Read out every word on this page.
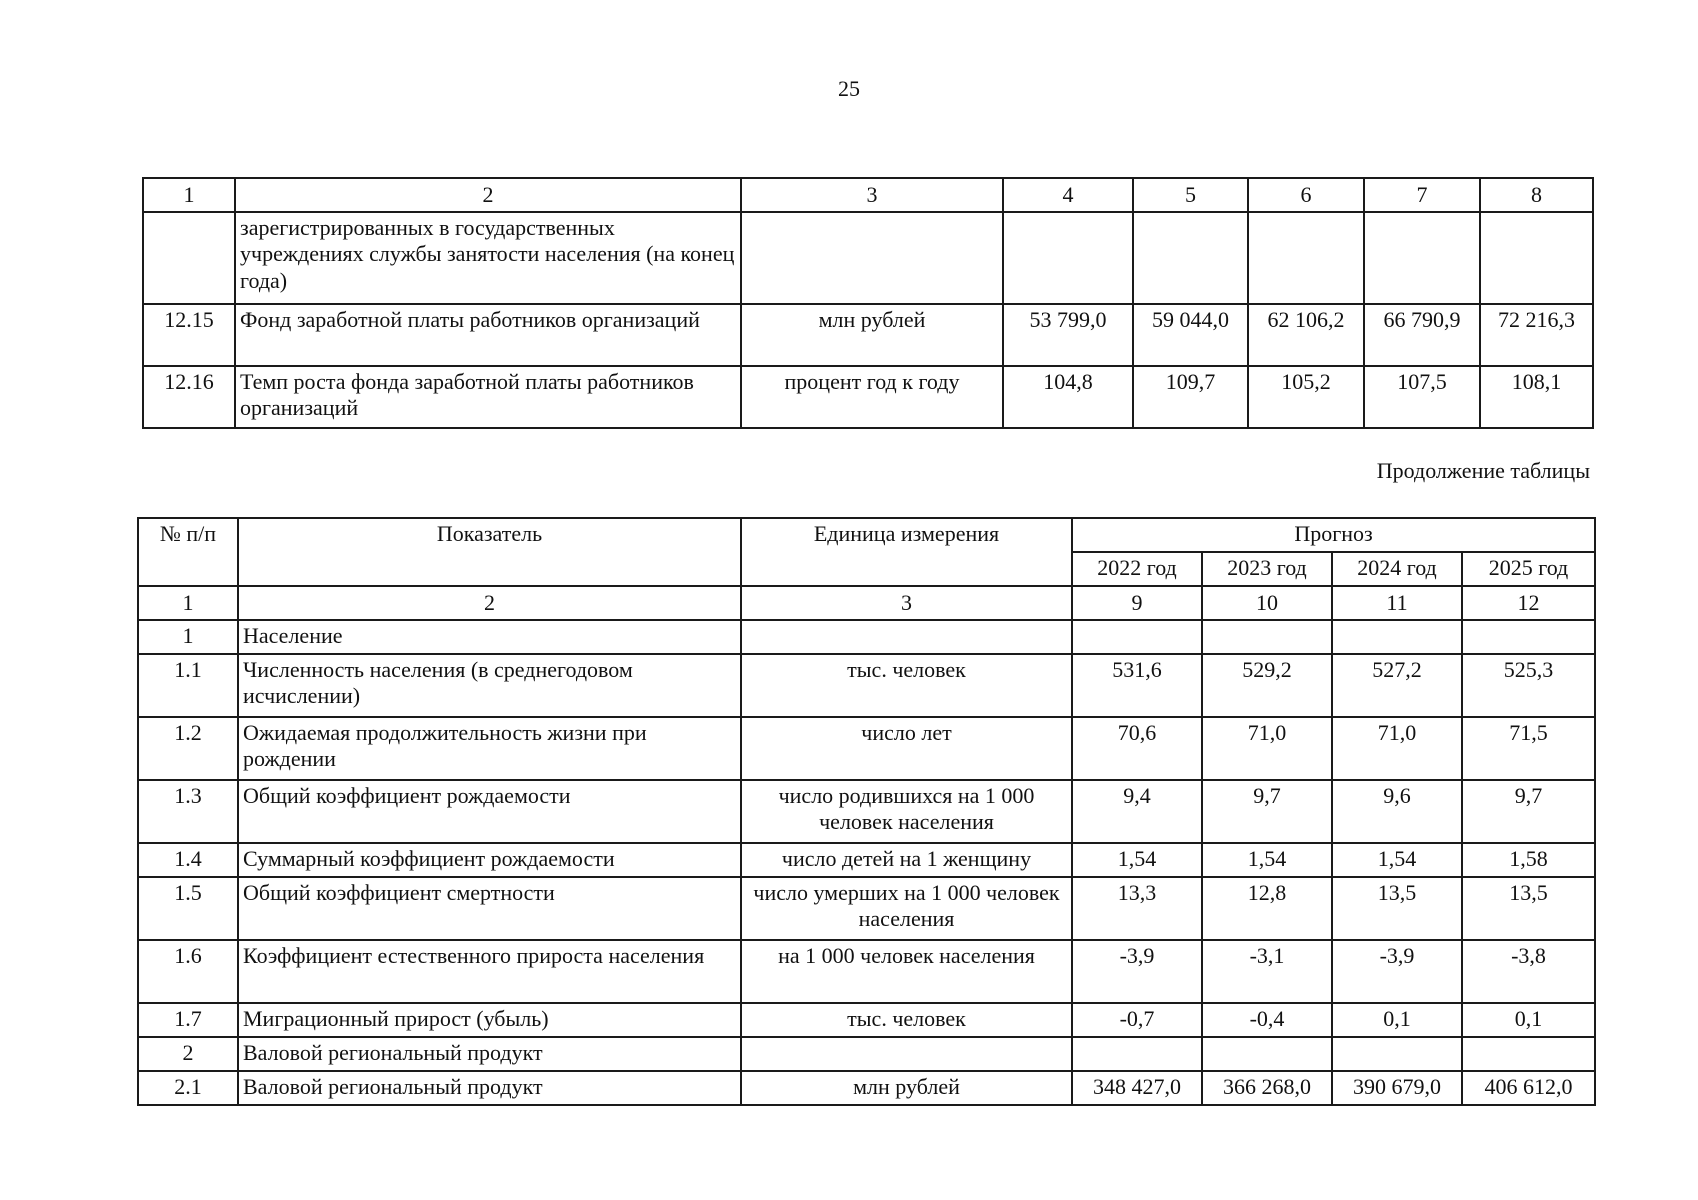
25
1	2	3	4	5	6	7	8
	зарегистрированных в государственных учреждениях службы занятости населения (на конец года)						
12.15	Фонд заработной платы работников организаций	млн рублей	53 799,0	59 044,0	62 106,2	66 790,9	72 216,3
12.16	Темп роста фонда заработной платы работников организаций	процент год к году	104,8	109,7	105,2	107,5	108,1
Продолжение таблицы
№ п/п	Показатель	Единица измерения	Прогноз			
			2022 год	2023 год	2024 год	2025 год
1	2	3	9	10	11	12
1	Население					
1.1	Численность населения (в среднегодовом исчислении)	тыс. человек	531,6	529,2	527,2	525,3
1.2	Ожидаемая продолжительность жизни при рождении	число лет	70,6	71,0	71,0	71,5
1.3	Общий коэффициент рождаемости	число родившихся на 1 000 человек населения	9,4	9,7	9,6	9,7
1.4	Суммарный коэффициент рождаемости	число детей на 1 женщину	1,54	1,54	1,54	1,58
1.5	Общий коэффициент смертности	число умерших на 1 000 человек населения	13,3	12,8	13,5	13,5
1.6	Коэффициент естественного прироста населения	на 1 000 человек населения	-3,9	-3,1	-3,9	-3,8
1.7	Миграционный прирост (убыль)	тыс. человек	-0,7	-0,4	0,1	0,1
2	Валовой региональный продукт					
2.1	Валовой региональный продукт	млн рублей	348 427,0	366 268,0	390 679,0	406 612,0
